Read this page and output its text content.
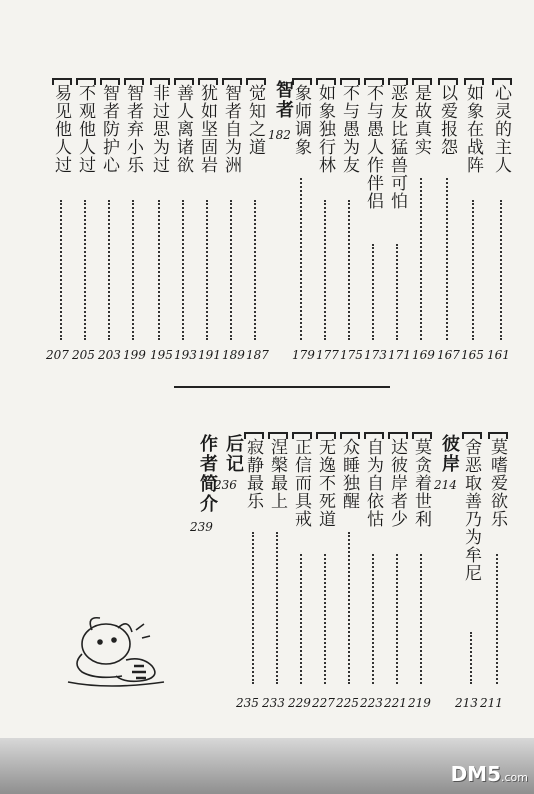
心灵的主人
161
如象在战阵
165
以爱报怨
167
是故真实
169
恶友比猛兽可怕
171
不与愚人作伴侣
173
不与愚为友
175
如象独行林
177
象师调象
179
智者
182
觉知之道
187
智者自为洲
189
犹如坚固岩
191
善人离诸欲
193
非过思为过
195
智者弃小乐
199
智者防护心
203
不观他人过
205
易见他人过
207
莫嗜爱欲乐
211
舍恶取善乃为牟尼
213
彼岸
214
莫贪着世利
219
达彼岸者少
221
自为自依怙
223
众睡独醒
225
无逸不死道
227
正信而具戒
229
涅槃最上
233
寂静最乐
235
后记
236
作者简介
239
DM5.com
